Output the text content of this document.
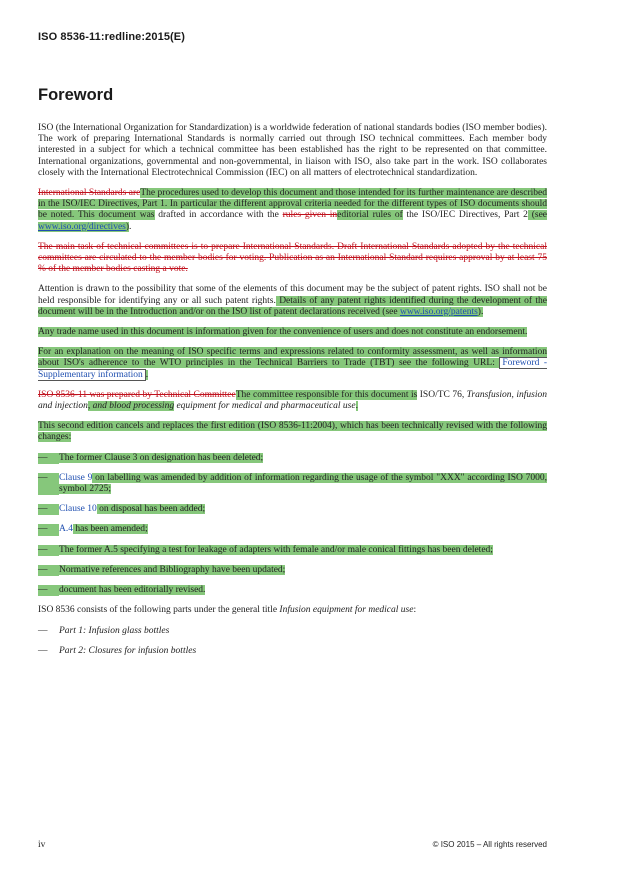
ISO 8536-11:redline:2015(E)
Foreword

ISO (the International Organization for Standardization) is a worldwide federation of national standards bodies (ISO member bodies). The work of preparing International Standards is normally carried out through ISO technical committees. Each member body interested in a subject for which a technical committee has been established has the right to be represented on that committee. International organizations, governmental and non-governmental, in liaison with ISO, also take part in the work. ISO collaborates closely with the International Electrotechnical Commission (IEC) on all matters of electrotechnical standardization.

International Standards areThe procedures used to develop this document and those intended for its further maintenance are described in the ISO/IEC Directives, Part 1. In particular the different approval criteria needed for the different types of ISO documents should be noted. This document was drafted in accordance with the rules given ineditorial rules of the ISO/IEC Directives, Part 2 (see www.iso.org/directives).

The main task of technical committees is to prepare International Standards. Draft International Standards adopted by the technical committees are circulated to the member bodies for voting. Publication as an International Standard requires approval by at least 75 % of the member bodies casting a vote.

Attention is drawn to the possibility that some of the elements of this document may be the subject of patent rights. ISO shall not be held responsible for identifying any or all such patent rights. Details of any patent rights identified during the development of the document will be in the Introduction and/or on the ISO list of patent declarations received (see www.iso.org/patents).

Any trade name used in this document is information given for the convenience of users and does not constitute an endorsement.

For an explanation on the meaning of ISO specific terms and expressions related to conformity assessment, as well as information about ISO's adherence to the WTO principles in the Technical Barriers to Trade (TBT) see the following URL: Foreword - Supplementary information .

ISO 8536-11 was prepared by Technical CommitteeThe committee responsible for this document is ISO/TC 76, Transfusion, infusion and injection, and blood processing equipment for medical and pharmaceutical use.

This second edition cancels and replaces the first edition (ISO 8536-11:2004), which has been technically revised with the following changes:

—	The former Clause 3 on designation has been deleted;
—	Clause 9 on labelling was amended by addition of information regarding the usage of the symbol "XXX" according ISO 7000, symbol 2725;
—	Clause 10 on disposal has been added;
—	A.4 has been amended;
—	The former A.5 specifying a test for leakage of adapters with female and/or male conical fittings has been deleted;
—	Normative references and Bibliography have been updated;
—	document has been editorially revised.

ISO 8536 consists of the following parts under the general title Infusion equipment for medical use:

—	Part 1: Infusion glass bottles
—	Part 2: Closures for infusion bottles
iv	© ISO 2015 – All rights reserved
